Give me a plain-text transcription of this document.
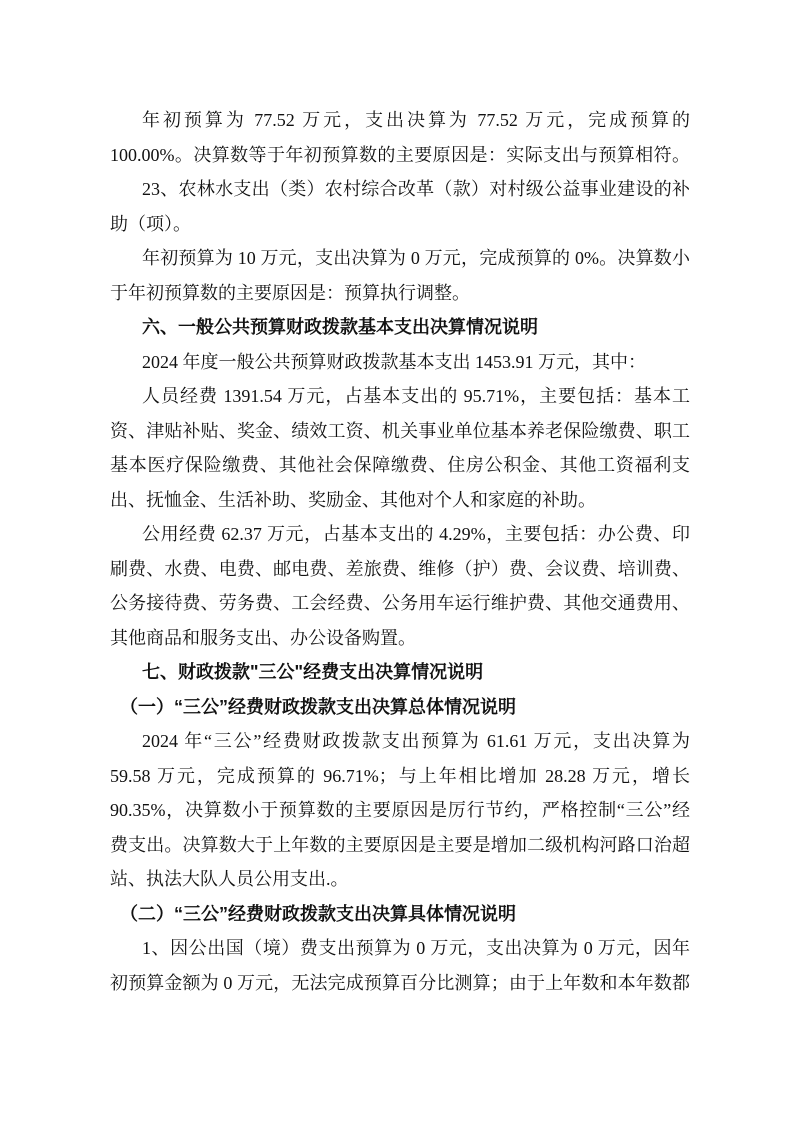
年初预算为 77.52 万元，支出决算为 77.52 万元，完成预算的
100.00%。决算数等于年初预算数的主要原因是：实际支出与预算相符。
23、农林水支出（类）农村综合改革（款）对村级公益事业建设的补
助（项）。
年初预算为 10 万元，支出决算为 0 万元，完成预算的 0%。决算数小
于年初预算数的主要原因是：预算执行调整。
六、一般公共预算财政拨款基本支出决算情况说明
2024 年度一般公共预算财政拨款基本支出 1453.91 万元，其中：
人员经费 1391.54 万元，占基本支出的 95.71%，主要包括：基本工
资、津贴补贴、奖金、绩效工资、机关事业单位基本养老保险缴费、职工
基本医疗保险缴费、其他社会保障缴费、住房公积金、其他工资福利支
出、抚恤金、生活补助、奖励金、其他对个人和家庭的补助。
公用经费 62.37 万元，占基本支出的 4.29%，主要包括：办公费、印
刷费、水费、电费、邮电费、差旅费、维修（护）费、会议费、培训费、
公务接待费、劳务费、工会经费、公务用车运行维护费、其他交通费用、
其他商品和服务支出、办公设备购置。
七、财政拨款"三公"经费支出决算情况说明
（一）“三公”经费财政拨款支出决算总体情况说明
2024 年“三公”经费财政拨款支出预算为 61.61 万元，支出决算为
59.58 万元，完成预算的 96.71%；与上年相比增加 28.28 万元，增长
90.35%，决算数小于预算数的主要原因是厉行节约，严格控制“三公”经
费支出。决算数大于上年数的主要原因是主要是增加二级机构河路口治超
站、执法大队人员公用支出.。
（二）“三公”经费财政拨款支出决算具体情况说明
1、因公出国（境）费支出预算为 0 万元，支出决算为 0 万元，因年
初预算金额为 0 万元，无法完成预算百分比测算；由于上年数和本年数都
